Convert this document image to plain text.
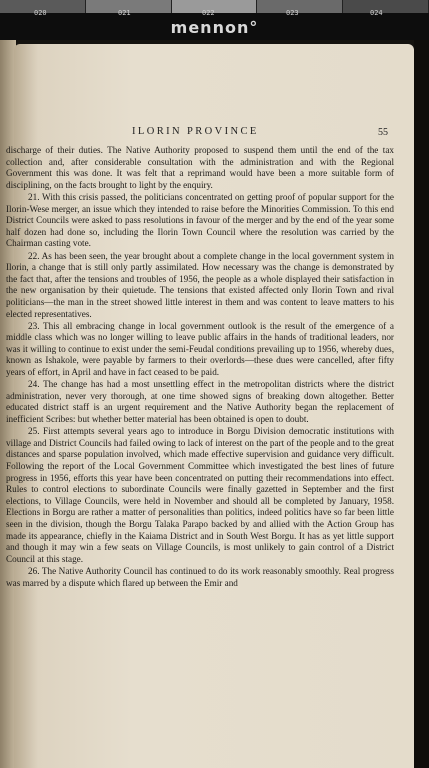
020	021	022	023	024
mennon°
ILORIN PROVINCE	55

discharge of their duties. The Native Authority proposed to suspend them until the end of the tax collection and, after considerable consultation with the administration and with the Regional Government this was done. It was felt that a reprimand would have been a more suitable form of disciplining, on the facts brought to light by the enquiry.

21. With this crisis passed, the politicians concentrated on getting proof of popular support for the Ilorin-Wese merger, an issue which they intended to raise before the Minorities Commission. To this end District Councils were asked to pass resolutions in favour of the merger and by the end of the year some half dozen had done so, including the Ilorin Town Council where the resolution was carried by the Chairman casting vote.

22. As has been seen, the year brought about a complete change in the local government system in Ilorin, a change that is still only partly assimilated. How necessary was the change is demonstrated by the fact that, after the tensions and troubles of 1956, the people as a whole displayed their satisfaction in the new organisation by their quietude. The tensions that existed affected only Ilorin Town and rival politicians—the man in the street showed little interest in them and was content to leave matters to his elected representatives.

23. This all embracing change in local government outlook is the result of the emergence of a middle class which was no longer willing to leave public affairs in the hands of traditional leaders, nor was it willing to continue to exist under the semi-Feudal conditions prevailing up to 1956, whereby dues, known as Ishakole, were payable by farmers to their overlords—these dues were cancelled, after fifty years of effort, in April and have in fact ceased to be paid.

24. The change has had a most unsettling effect in the metropolitan districts where the district administration, never very thorough, at one time showed signs of breaking down altogether. Better educated district staff is an urgent requirement and the Native Authority began the replacement of inefficient Scribes: but whether better material has been obtained is open to doubt.

25. First attempts several years ago to introduce in Borgu Division democratic institutions with village and District Councils had failed owing to lack of interest on the part of the people and to the great distances and sparse population involved, which made effective supervision and guidance very difficult. Following the report of the Local Government Committee which investigated the best lines of future progress in 1956, efforts this year have been concentrated on putting their recommendations into effect. Rules to control elections to subordinate Councils were finally gazetted in September and the first elections, to Village Councils, were held in November and should all be completed by January, 1958. Elections in Borgu are rather a matter of personalities than politics, indeed politics have so far been little seen in the division, though the Borgu Talaka Parapo backed by and allied with the Action Group has made its appearance, chiefly in the Kaiama District and in South West Borgu. It has as yet little support and though it may win a few seats on Village Councils, is most unlikely to gain control of a District Council at this stage.

26. The Native Authority Council has continued to do its work reasonably smoothly. Real progress was marred by a dispute which flared up between the Emir and
